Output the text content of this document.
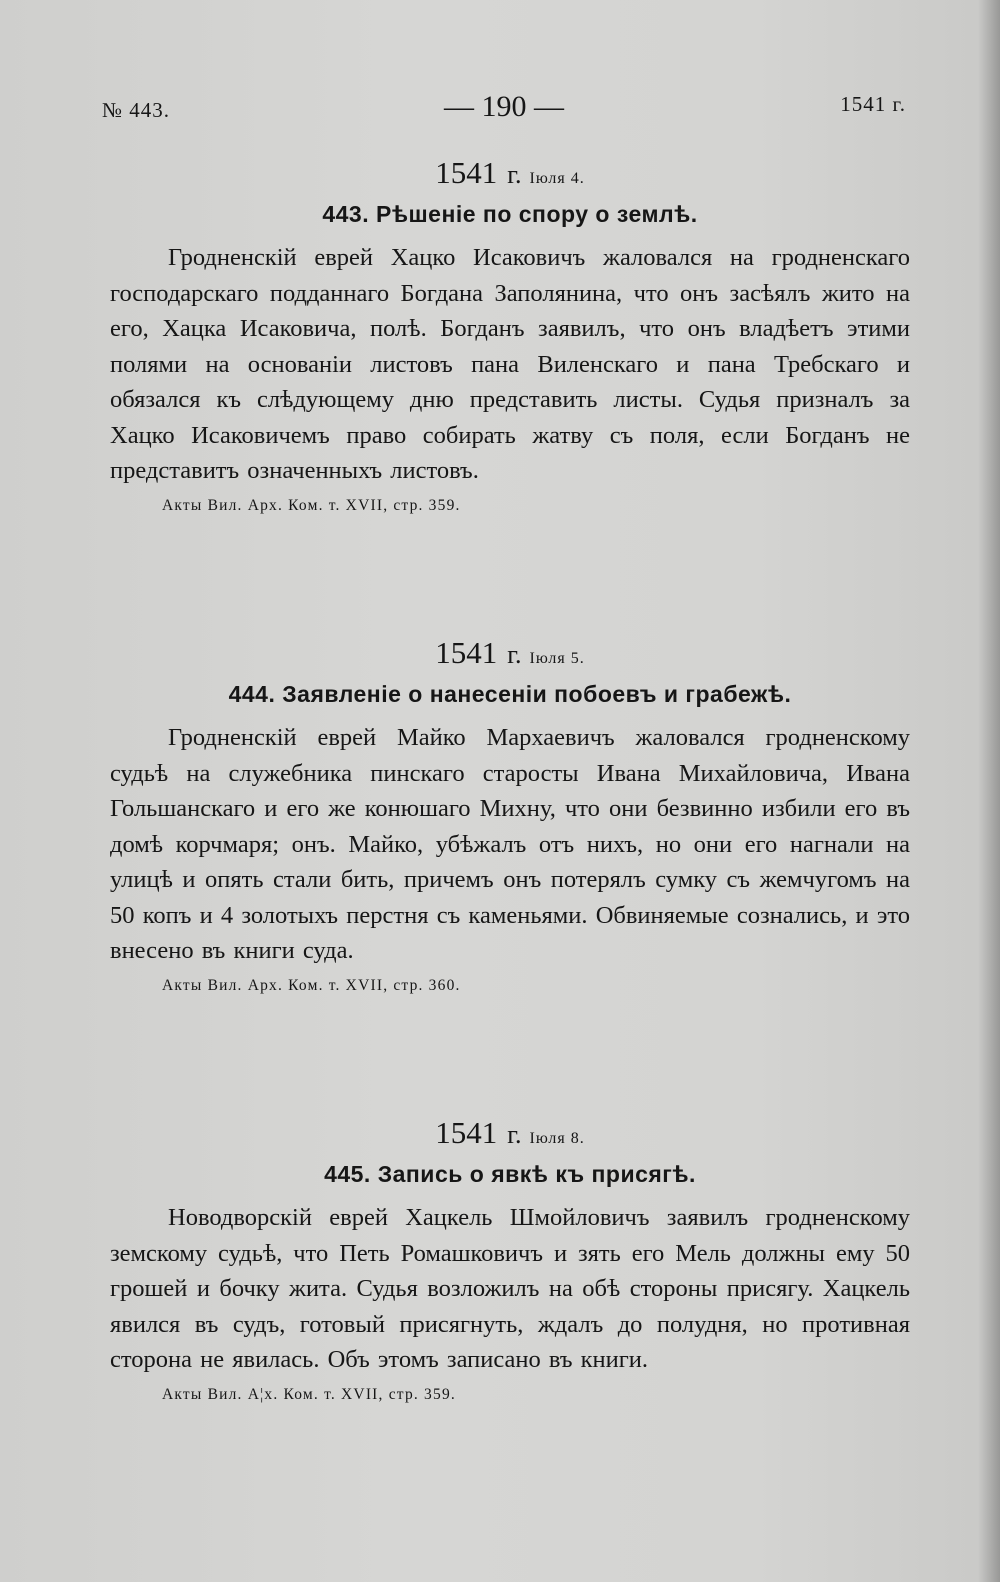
№ 443.	— 190 —	1541 г.
1541 г. Іюля 4.
443. Рѣшеніе по спору о землѣ.
Гродненскій еврей Хацко Исаковичъ жаловался на гродненскаго господарскаго подданнаго Богдана Заполянина, что онъ засѣялъ жито на его, Хацка Исаковича, полѣ. Богданъ заявилъ, что онъ владѣетъ этими полями на основаніи листовъ пана Виленскаго и пана Требскаго и обязался къ слѣдующему дню представить листы. Судья призналъ за Хацко Исаковичемъ право собирать жатву съ поля, если Богданъ не представитъ означенныхъ листовъ.
Акты Вил. Арх. Ком. т. XVII, стр. 359.
1541 г. Іюля 5.
444. Заявленіе о нанесеніи побоевъ и грабежѣ.
Гродненскій еврей Майко Мархаевичъ жаловался гродненскому судьѣ на служебника пинскаго старосты Ивана Михайловича, Ивана Гольшанскаго и его же конюшаго Михну, что они безвинно избили его въ домѣ корчмаря; онъ. Майко, убѣжалъ отъ нихъ, но они его нагнали на улицѣ и опять стали бить, причемъ онъ потерялъ сумку съ жемчугомъ на 50 копъ и 4 золотыхъ перстня съ каменьями. Обвиняемые сознались, и это внесено въ книги суда.
Акты Вил. Арх. Ком. т. XVII, стр. 360.
1541 г. Іюля 8.
445. Запись о явкѣ къ присягѣ.
Новодворскій еврей Хацкель Шмойловичъ заявилъ гродненскому земскому судьѣ, что Петь Ромашковичъ и зять его Мель должны ему 50 грошей и бочку жита. Судья возложилъ на обѣ стороны присягу. Хацкель явился въ судъ, готовый присягнуть, ждалъ до полудня, но противная сторона не явилась. Объ этомъ записано въ книги.
Акты Вил. А¦х. Ком. т. XVII, стр. 359.
